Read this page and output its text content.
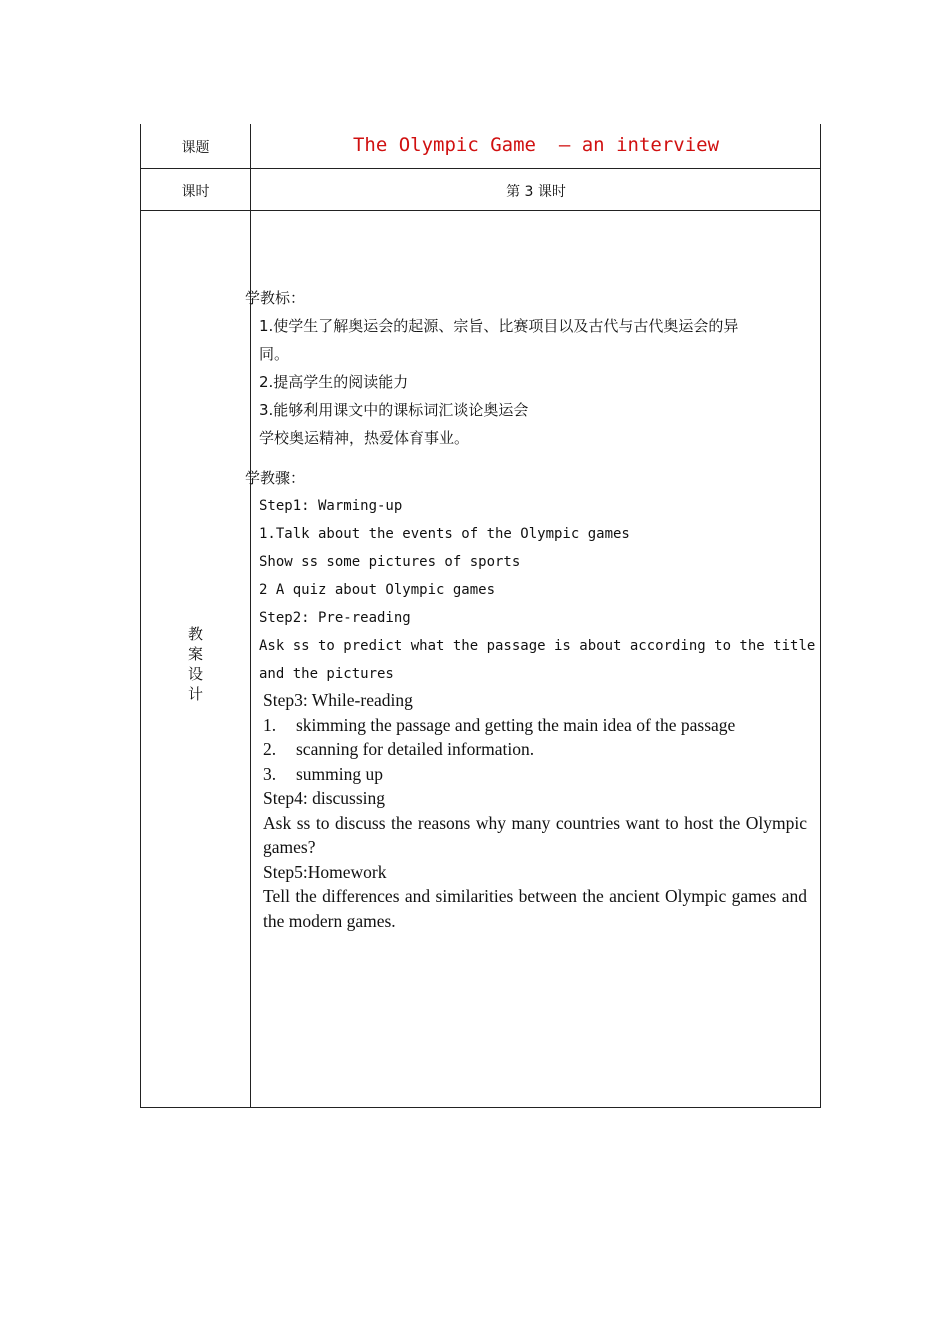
课题	The Olympic Game  – an interview
课时	第 3 课时
教
案
设
计
学教标：
1.使学生了解奥运会的起源、宗旨、比赛项目以及古代与古代奥运会的异
同。
2.提高学生的阅读能力
3.能够利用课文中的课标词汇谈论奥运会
学校奥运精神，热爱体育事业。
学教骤：
Step1: Warming-up
1.Talk about the events of the Olympic games
Show ss some pictures of sports
2 A quiz about Olympic games
Step2: Pre-reading
Ask ss to predict what the passage is about according to the title
and the pictures
Step3: While-reading
1. skimming the passage and getting the main idea of the passage
2. scanning for detailed information.
3. summing up
Step4: discussing
Ask ss to discuss the reasons why many countries want to host the Olympic games?
Step5:Homework
Tell the differences and similarities between the ancient Olympic games and the modern games.
